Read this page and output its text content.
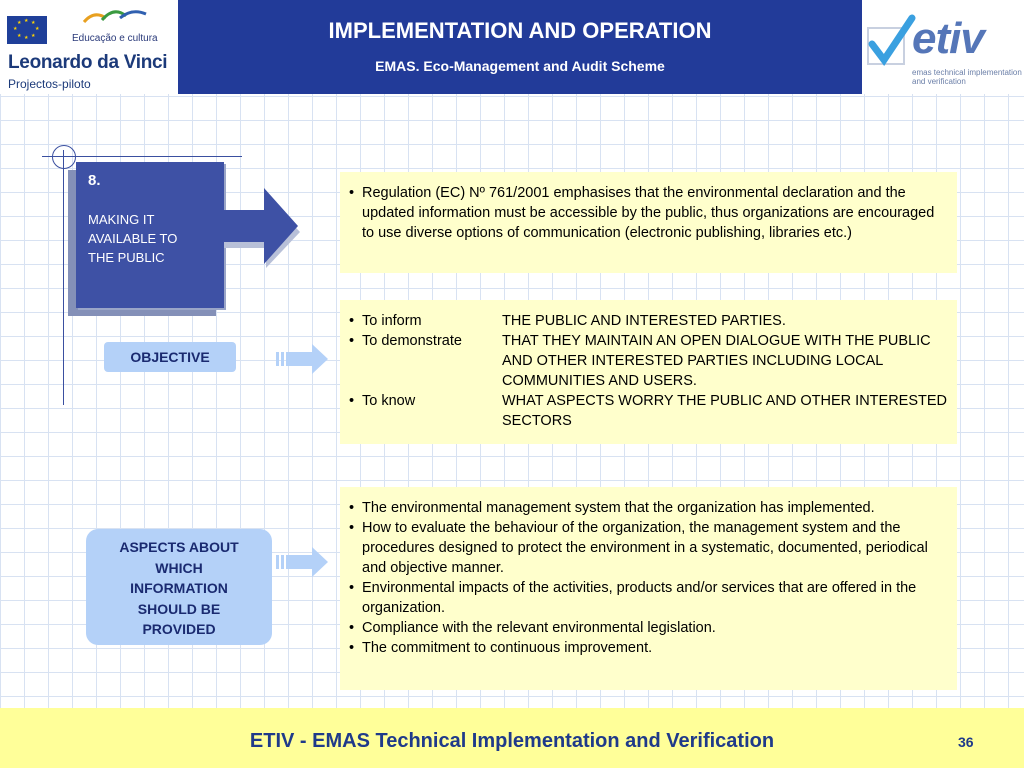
★ ★
★
★
★
★
★
★
Educação e cultura
Leonardo da Vinci
Projectos-piloto
IMPLEMENTATION AND OPERATION
EMAS. Eco-Management and Audit Scheme
etiv
emas technical implementation
and verification
8.
MAKING IT
AVAILABLE TO
THE PUBLIC
• Regulation (EC) Nº 761/2001 emphasises that the environmental declaration and the updated information must be accessible by the public, thus organizations are encouraged to use diverse options of communication (electronic publishing, libraries etc.)
OBJECTIVE
• To inform	THE PUBLIC AND INTERESTED PARTIES.
• To demonstrate	THAT THEY MAINTAIN AN OPEN DIALOGUE WITH THE PUBLIC AND OTHER INTERESTED PARTIES INCLUDING LOCAL COMMUNITIES AND USERS.
• To know	WHAT ASPECTS WORRY THE PUBLIC AND OTHER INTERESTED SECTORS
ASPECTS ABOUT
WHICH
INFORMATION
SHOULD BE
PROVIDED
• The environmental management system that the organization has implemented.
• How to evaluate the behaviour of the organization, the management system and the procedures designed to protect the environment in a systematic, documented, periodical and objective manner.
• Environmental impacts of the activities, products and/or services that are offered in the organization.
• Compliance with the relevant environmental legislation.
• The commitment to continuous improvement.
ETIV - EMAS Technical Implementation and Verification	36
